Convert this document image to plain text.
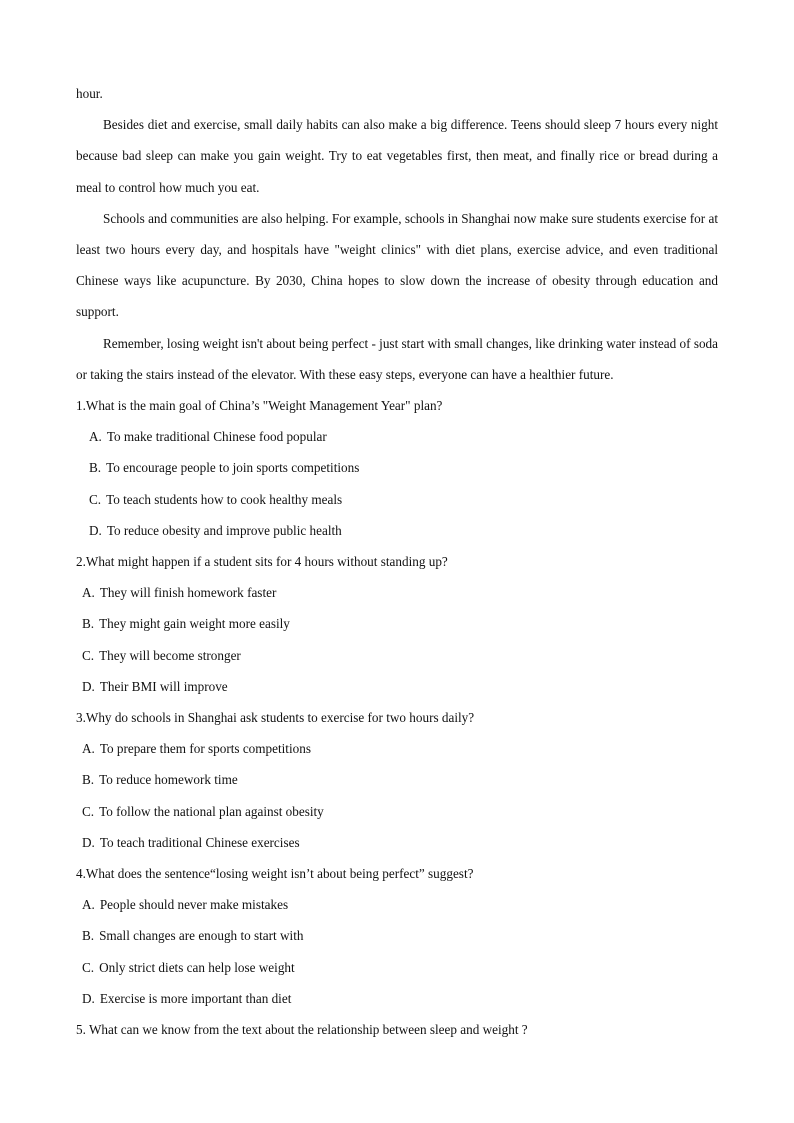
hour.

Besides diet and exercise, small daily habits can also make a big difference. Teens should sleep 7 hours every night because bad sleep can make you gain weight. Try to eat vegetables first, then meat, and finally rice or bread during a meal to control how much you eat.

Schools and communities are also helping. For example, schools in Shanghai now make sure students exercise for at least two hours every day, and hospitals have "weight clinics" with diet plans, exercise advice, and even traditional Chinese ways like acupuncture. By 2030, China hopes to slow down the increase of obesity through education and support.

Remember, losing weight isn't about being perfect - just start with small changes, like drinking water instead of soda or taking the stairs instead of the elevator. With these easy steps, everyone can have a healthier future.

1.What is the main goal of China’s "Weight Management Year" plan?

A. To make traditional Chinese food popular
B. To encourage people to join sports competitions
C. To teach students how to cook healthy meals
D. To reduce obesity and improve public health

2.What might happen if a student sits for 4 hours without standing up?

A. They will finish homework faster
B. They might gain weight more easily
C. They will become stronger
D. Their BMI will improve

3.Why do schools in Shanghai ask students to exercise for two hours daily?

A. To prepare them for sports competitions
B. To reduce homework time
C. To follow the national plan against obesity
D. To teach traditional Chinese exercises

4.What does the sentence“losing weight isn’t about being perfect” suggest?

A. People should never make mistakes
B. Small changes are enough to start with
C. Only strict diets can help lose weight
D. Exercise is more important than diet

5. What can we know from the text about the relationship between sleep and weight ?
